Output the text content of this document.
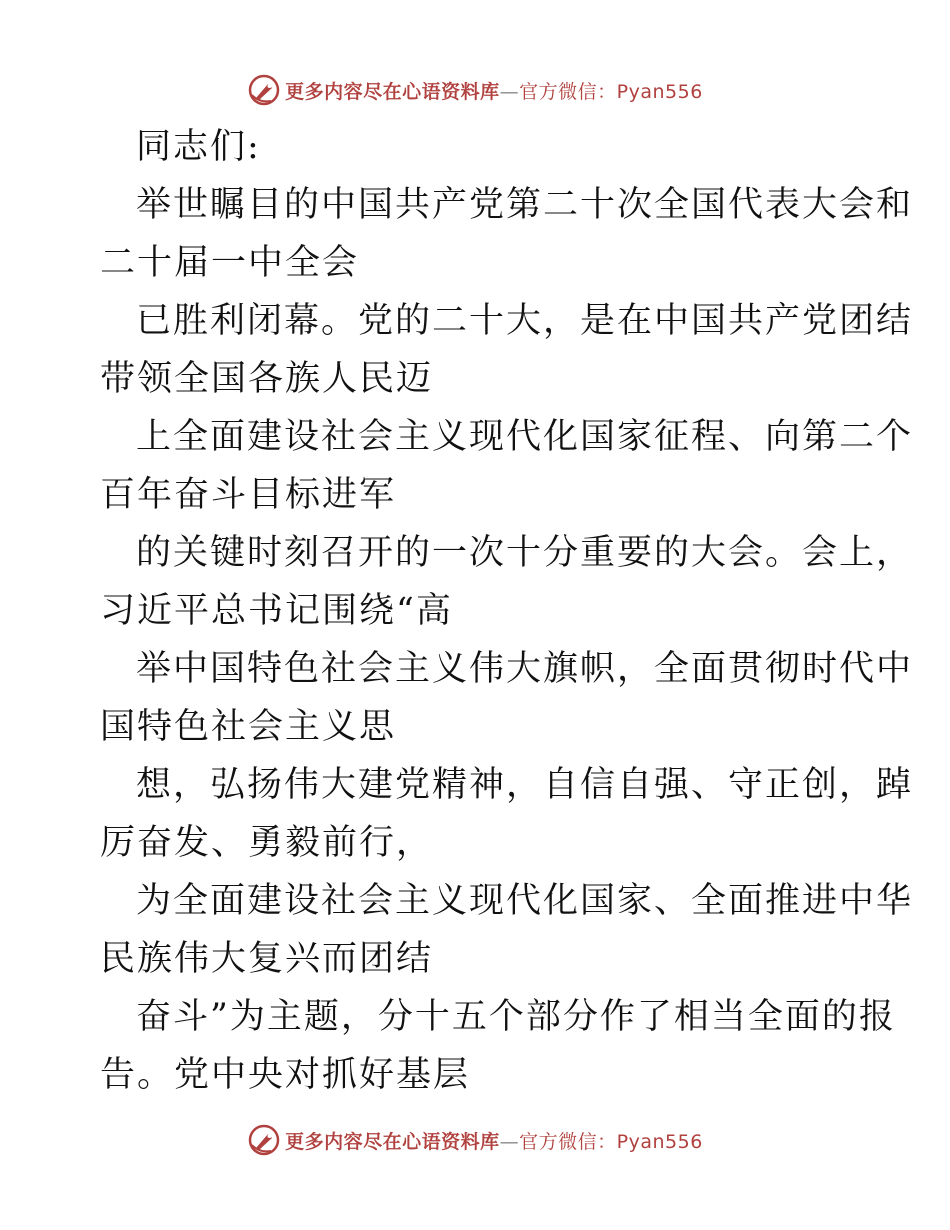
更多内容尽在心语资料库—官方微信：Pyan556
同志们:
举世瞩目的中国共产党第二十次全国代表大会和
二十届一中全会
已胜利闭幕。党的二十大，是在中国共产党团结
带领全国各族人民迈
上全面建设社会主义现代化国家征程、向第二个
百年奋斗目标进军
的关键时刻召开的一次十分重要的大会。会上，
习近平总书记围绕“高
举中国特色社会主义伟大旗帜，全面贯彻时代中
国特色社会主义思
想，弘扬伟大建党精神，自信自强、守正创，踔
厉奋发、勇毅前行，
为全面建设社会主义现代化国家、全面推进中华
民族伟大复兴而团结
奋斗”为主题，分十五个部分作了相当全面的报
告。党中央对抓好基层
更多内容尽在心语资料库—官方微信：Pyan556
